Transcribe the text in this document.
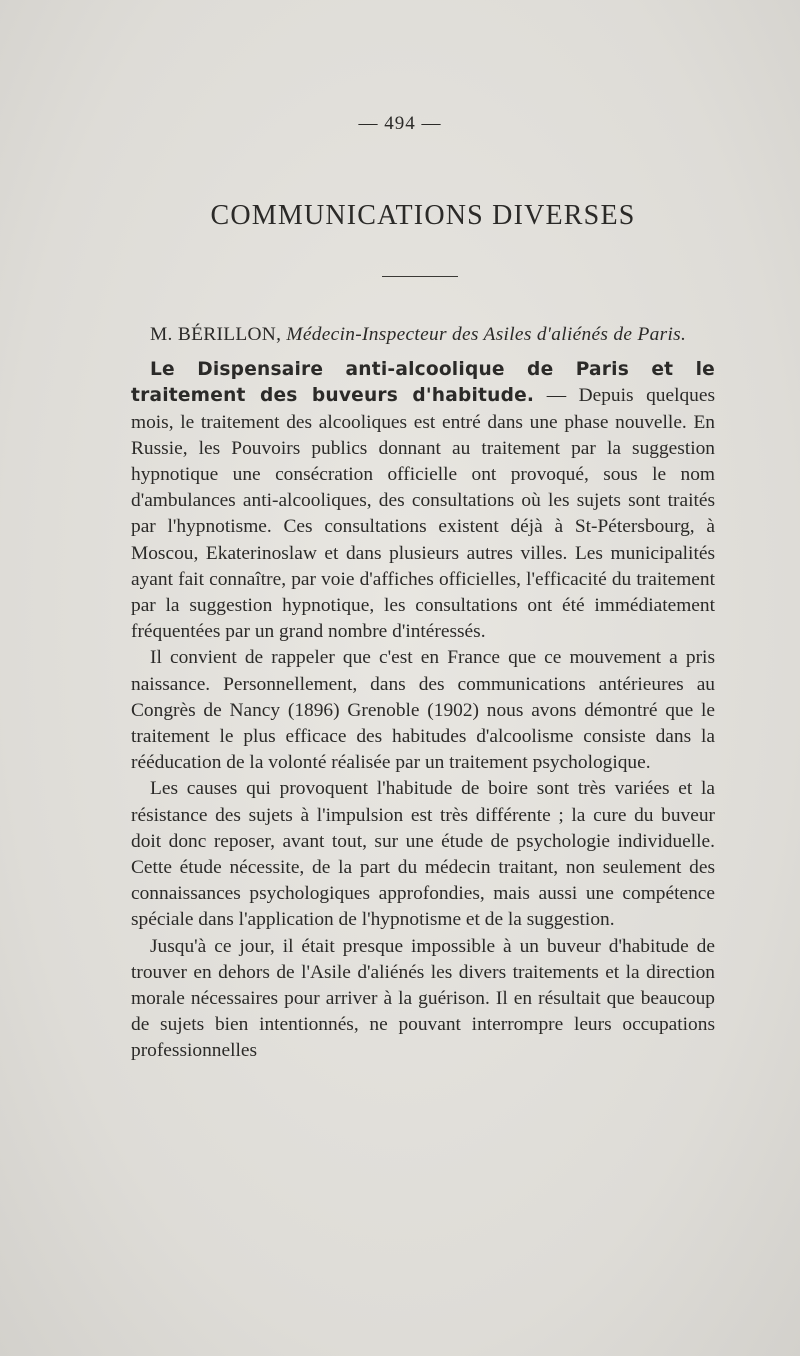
— 494 —
COMMUNICATIONS DIVERSES

M. BÉRILLON, Médecin-Inspecteur des Asiles d'aliénés de Paris.

Le Dispensaire anti-alcoolique de Paris et le traitement des buveurs d'habitude. — Depuis quelques mois, le traitement des alcooliques est entré dans une phase nouvelle. En Russie, les Pouvoirs publics donnant au traitement par la suggestion hypnotique une consécration officielle ont provoqué, sous le nom d'ambulances anti-alcooliques, des consultations où les sujets sont traités par l'hypnotisme. Ces consultations existent déjà à St-Pétersbourg, à Moscou, Ekaterinoslaw et dans plusieurs autres villes. Les municipalités ayant fait connaître, par voie d'affiches officielles, l'efficacité du traitement par la suggestion hypnotique, les consultations ont été immédiatement fréquentées par un grand nombre d'intéressés.

Il convient de rappeler que c'est en France que ce mouvement a pris naissance. Personnellement, dans des communications antérieures au Congrès de Nancy (1896) Grenoble (1902) nous avons démontré que le traitement le plus efficace des habitudes d'alcoolisme consiste dans la rééducation de la volonté réalisée par un traitement psychologique.

Les causes qui provoquent l'habitude de boire sont très variées et la résistance des sujets à l'impulsion est très différente ; la cure du buveur doit donc reposer, avant tout, sur une étude de psychologie individuelle. Cette étude nécessite, de la part du médecin traitant, non seulement des connaissances psychologiques approfondies, mais aussi une compétence spéciale dans l'application de l'hypnotisme et de la suggestion.

Jusqu'à ce jour, il était presque impossible à un buveur d'habitude de trouver en dehors de l'Asile d'aliénés les divers traitements et la direction morale nécessaires pour arriver à la guérison. Il en résultait que beaucoup de sujets bien intentionnés, ne pouvant interrompre leurs occupations professionnelles
